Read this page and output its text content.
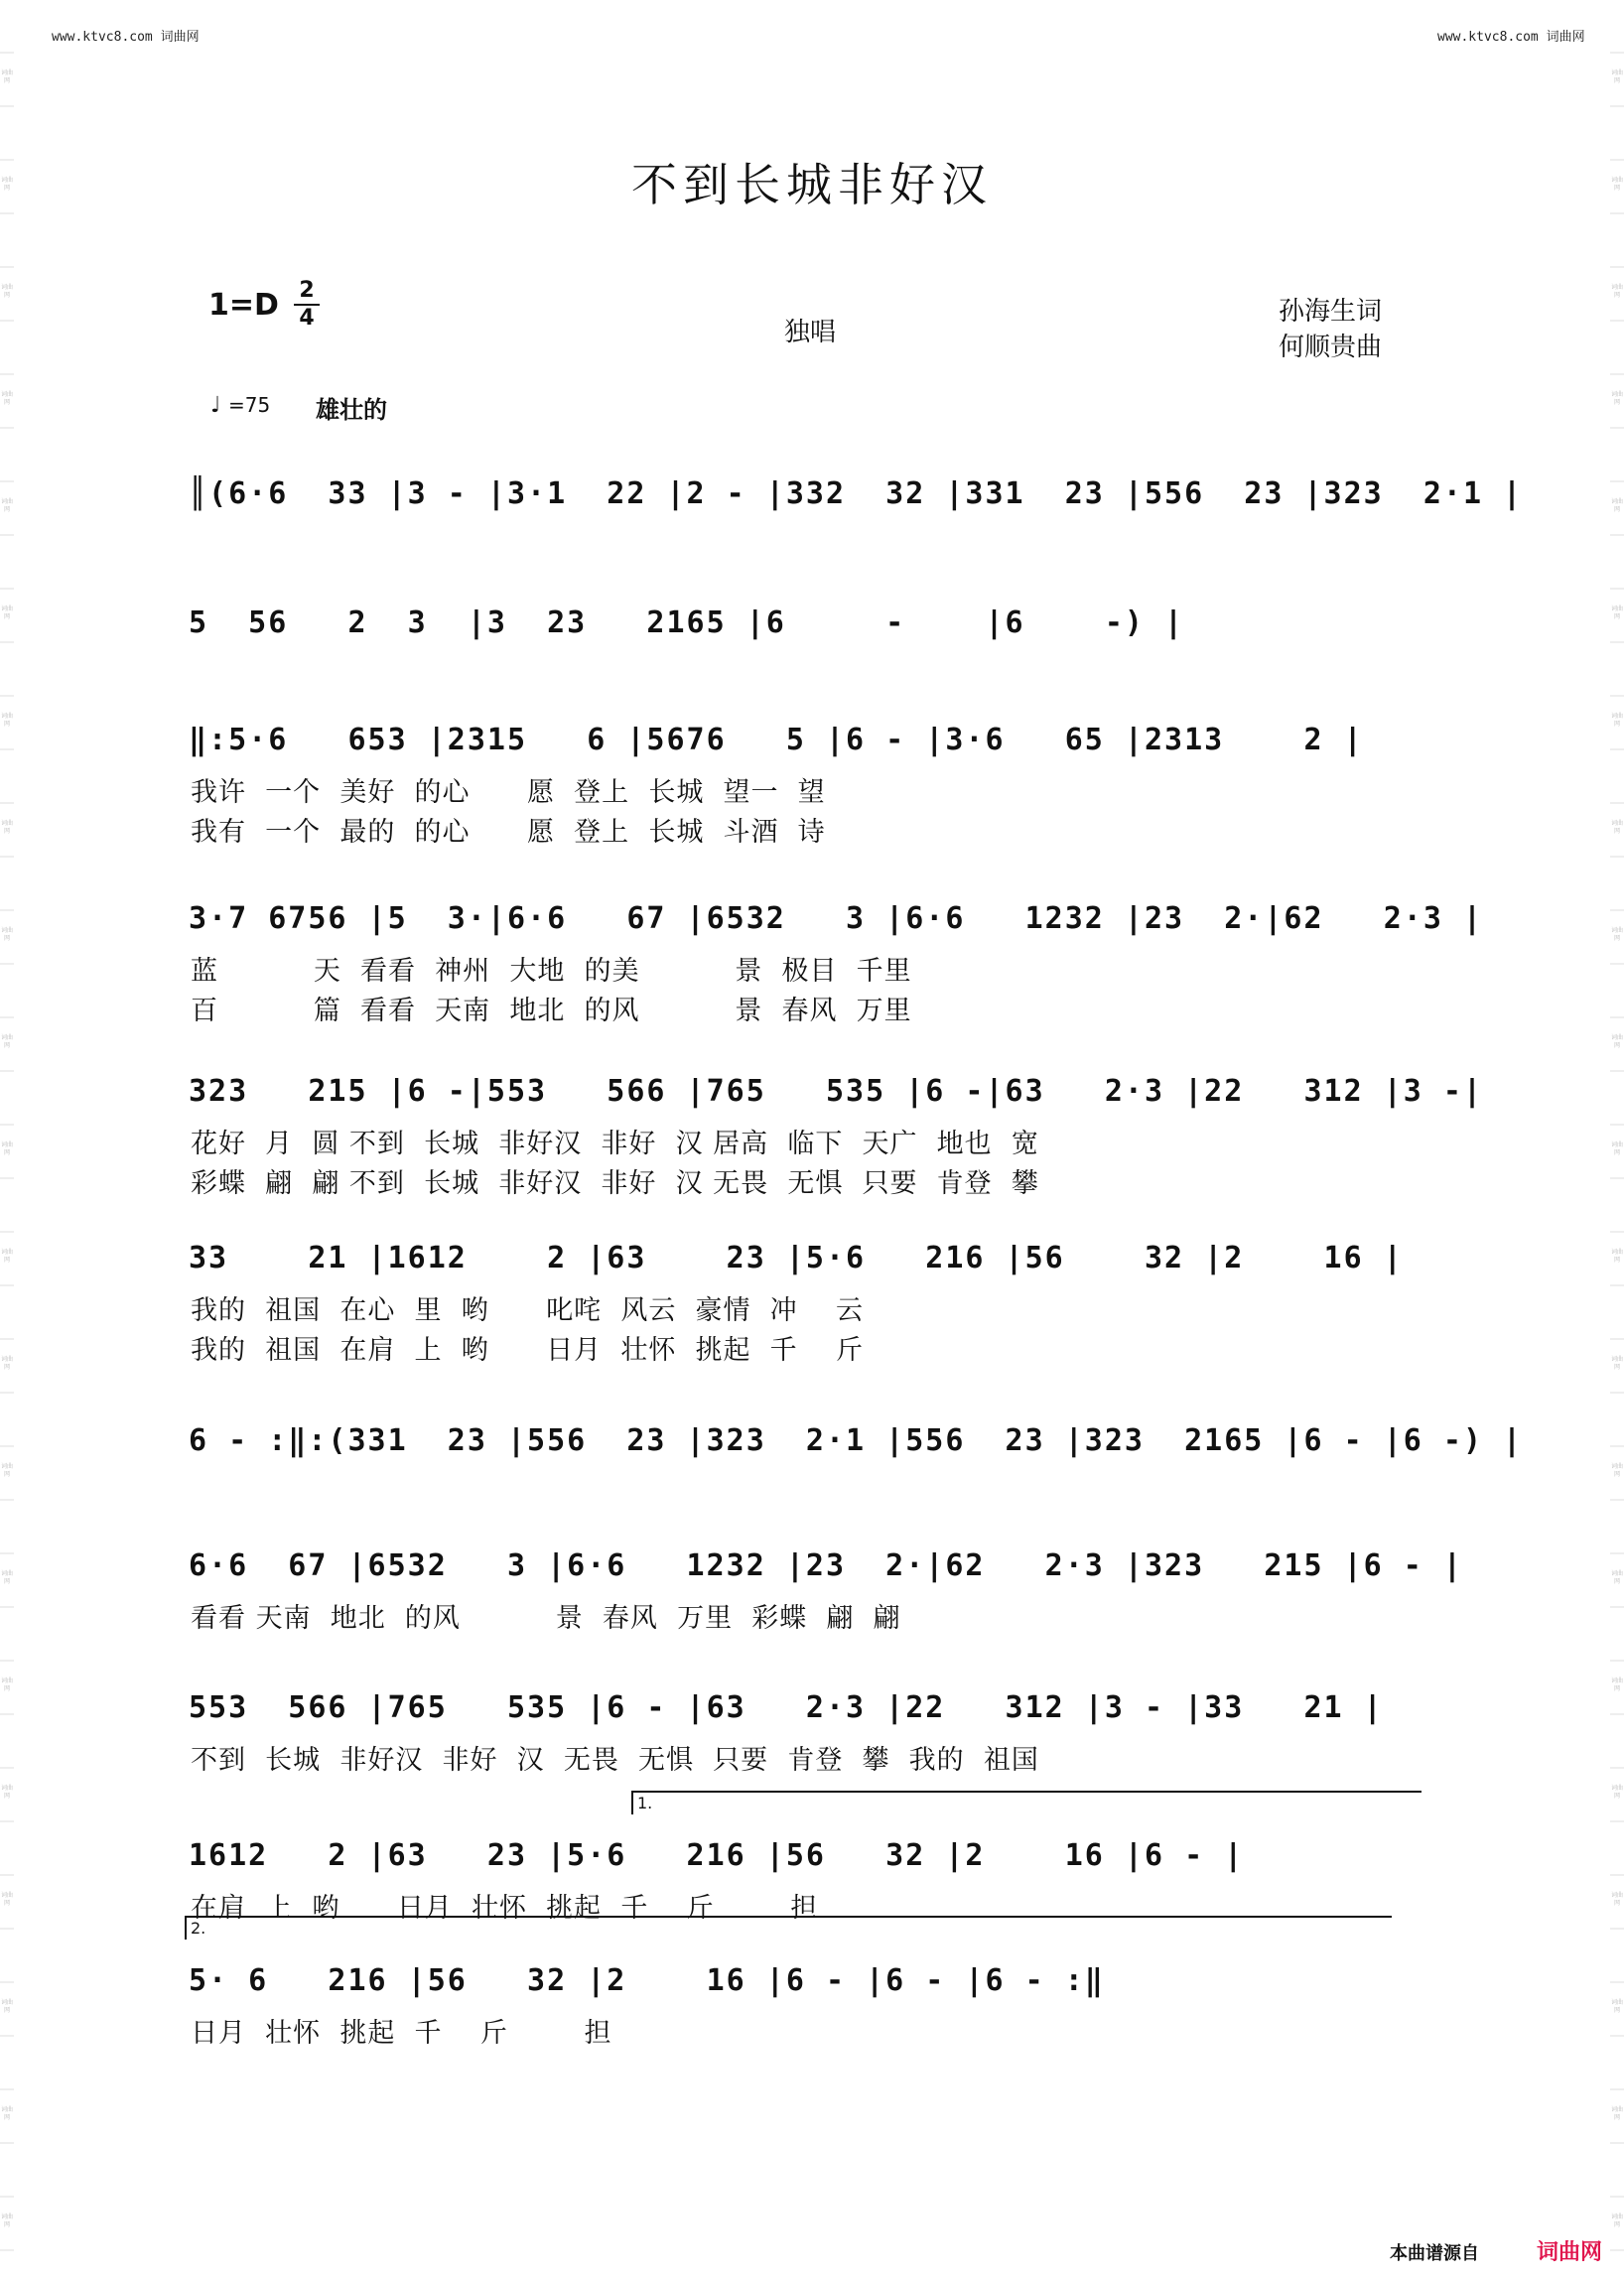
www.ktvc8.com 词曲网	www.ktvc8.com 词曲网
不到长城非好汉
1=D 2
4	独唱
孙海生词
何顺贵曲
♩ =75 雄壮的
║(6·6  33 |3 - |3·1  22 |2 - |332  32 |331  23 |556  23 |323  2·1 |
5  56   2  3  |3  23   2165 |6     -    |6    -) |
‖:5·6   653 |2315   6 |5676   5 |6 - |3·6   65 |2313    2 |
我许  一个  美好  的心      愿  登上  长城  望一  望
我有  一个  最的  的心      愿  登上  长城  斗酒  诗
3·7 6756 |5  3·|6·6   67 |6532   3 |6·6   1232 |23  2·|62   2·3 |
蓝          天  看看  神州  大地  的美          景  极目  千里
百          篇  看看  天南  地北  的风          景  春风  万里
323   215 |6 -|553   566 |765   535 |6 -|63   2·3 |22   312 |3 -|
花好  月  圆 不到  长城  非好汉  非好  汉 居高  临下  天广  地也  宽
彩蝶  翩  翩 不到  长城  非好汉  非好  汉 无畏  无惧  只要  肯登  攀
33    21 |1612    2 |63    23 |5·6   216 |56    32 |2    16 |
我的  祖国  在心  里  哟      叱咤  风云  豪情  冲    云
我的  祖国  在肩  上  哟      日月  壮怀  挑起  千    斤
6 - :‖:(331  23 |556  23 |323  2·1 |556  23 |323  2165 |6 - |6 -) |
6·6  67 |6532   3 |6·6   1232 |23  2·|62   2·3 |323   215 |6 - |
看看 天南  地北  的风          景  春风  万里  彩蝶  翩  翩
553  566 |765   535 |6 - |63   2·3 |22   312 |3 - |33   21 |
不到  长城  非好汉  非好  汉  无畏  无惧  只要  肯登  攀  我的  祖国
1612   2 |63   23 |5·6   216 |56   32 |2    16 |6 - |
在肩  上  哟      日月  壮怀  挑起  千    斤        担
5· 6   216 |56   32 |2    16 |6 - |6 - |6 - :‖
日月  壮怀  挑起  千    斤        担
1.
2.
本曲谱源自	词曲网
词曲网
词曲网
词曲网
词曲网
词曲网
词曲网
词曲网
词曲网
词曲网
词曲网
词曲网
词曲网
词曲网
词曲网
词曲网
词曲网
词曲网
词曲网
词曲网
词曲网
词曲网
词曲网
词曲网
词曲网
词曲网
词曲网
词曲网
词曲网
词曲网
词曲网
词曲网
词曲网
词曲网
词曲网
词曲网
词曲网
词曲网
词曲网
词曲网
词曲网
词曲网
词曲网
